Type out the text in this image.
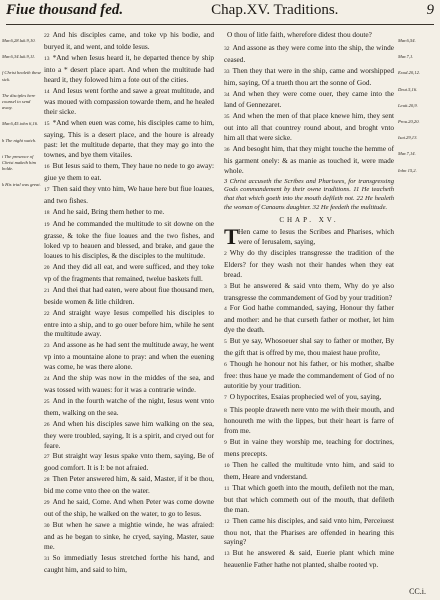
Fiue thousand fed.	Chap.XV. Traditions.	9
Mar.6,28.luk.9,10.
Mar.6,34.luk.9,11.
f Christ healeth these sick.
The disciples here counsel to send away.
Mar.6,45.iohn 6,16.
h The night watch.
i The presence of Christ maketh him bolde.
k His trial was great.
Mar.6,54.
Mar.7,1.
Exod.20,12.
Deut.5,16.
Leuit.20,9.
Prou.20,20.
Isai.29,13.
Mar.7,14.
Iohn 15,2.

22 And his disciples came, and toke vp his bodie, and buryed it, and went, and tolde Iesus.

13 *And when Iesus heard it, he departed thence by ship into a * desert place apart. And when the multitude had heard it, they folowed him a fote out of the cities.

14 And Iesus went forthe and sawe a great multitude, and was moued with compassion towarde them, and he healed their sicke.

15 *And when euen was come, his disciples came to him, saying, This is a desert place, and the houre is already past: let the multitude departe, that they may go into the townes, and bye them vitailes.

16 But Iesus said to them, They haue no nede to go away: giue ye them to eat.

17 Then said they vnto him, We haue here but fiue loaues, and two fishes.

18 And he said, Bring them hether to me.

19 And he commanded the multitude to sit downe on the grasse, & toke the fiue loaues and the two fishes, and loked vp to heauen and blessed, and brake, and gaue the loaues to his disciples, & the disciples to the multitude.

20 And they did all eat, and were sufficed, and they toke vp of the fragments that remained, twelue baskets full.

21 And thei that had eaten, were about fiue thousand men, beside women & litle children.

22 And straight waye Iesus compelled his disciples to entre into a ship, and to go ouer before him, while he sent the multitude away.

23 And assone as he had sent the multitude away, he went vp into a mountaine alone to pray: and when the euening was come, he was there alone.

24 And the ship was now in the middes of the sea, and was tossed with waues: for it was a contrarie winde.

25 And in the fourth watche of the night, Iesus went vnto them, walking on the sea.

26 And when his disciples sawe him walking on the sea, they were troubled, saying, It is a spirit, and cryed out for feare.

27 But straight way Iesus spake vnto them, saying, Be of good comfort. It is I: be not afraied.

28 Then Peter answered him, & said, Master, if it be thou, bid me come vnto thee on the water.

29 And he said, Come. And when Peter was come downe out of the ship, he walked on the water, to go to Iesus.

30 But when he sawe a mightie winde, he was afraied: and as he began to sinke, he cryed, saying, Master, saue me.

31 So immediatly Iesus stretched forthe his hand, and caught him, and said to him,

O thou of litle faith, wherefore didest thou doute?

32 And assone as they were come into the ship, the winde ceased.

33 Then they that were in the ship, came and worshipped him, saying, Of a trueth thou art the sonne of God.

34 And when they were come ouer, they came into the land of Gennezaret.

35 And when the men of that place knewe him, they sent out into all that countrey round about, and broght vnto him all that were sicke.

36 And besoght him, that they might touche the hemme of his garment onely: & as manie as touched it, were made whole.

3 Christ accuseth the Scribes and Pharisees, for transgressing Gods commandement by their owne traditions. 11 He teacheth that that which goeth into the mouth defileth not. 22 He healeth the woman of Canaans daughter. 32 He feedeth the multitude.
CHAP. XV.

T Hen came to Iesus the Scribes and Pharises, which were of Ierusalem, saying,

2 Why do thy disciples transgresse the tradition of the Elders? for they wash not their handes when they eat bread.

3 But he answered & said vnto them, Why do ye also transgresse the commandement of God by your tradition?

4 For God hathe commanded, saying, Honour thy father and mother: and he that curseth father or mother, let him dye the death.

5 But ye say, Whosoeuer shal say to father or mother, By the gift that is offred by me, thou maiest haue profite,

6 Though he honour not his father, or his mother, shalbe free: thus haue ye made the commandement of God of no autoritie by your tradition.

7 O hypocrites, Esaias prophecied wel of you, saying,

8 This people draweth nere vnto me with their mouth, and honoureth me with the lippes, but their heart is farre of from me.

9 But in vaine they worship me, teaching for doctrines, mens precepts.

10 Then he called the multitude vnto him, and said to them, Heare and vnderstand.

11 That which goeth into the mouth, defileth not the man, but that which commeth out of the mouth, that defileth the man.

12 Then came his disciples, and said vnto him, Perceiuest thou not, that the Pharises are offended in hearing this saying?

13 But he answered & said, Euerie plant which mine heauenlie Father hathe not planted, shalbe rooted vp.

CC.i.
